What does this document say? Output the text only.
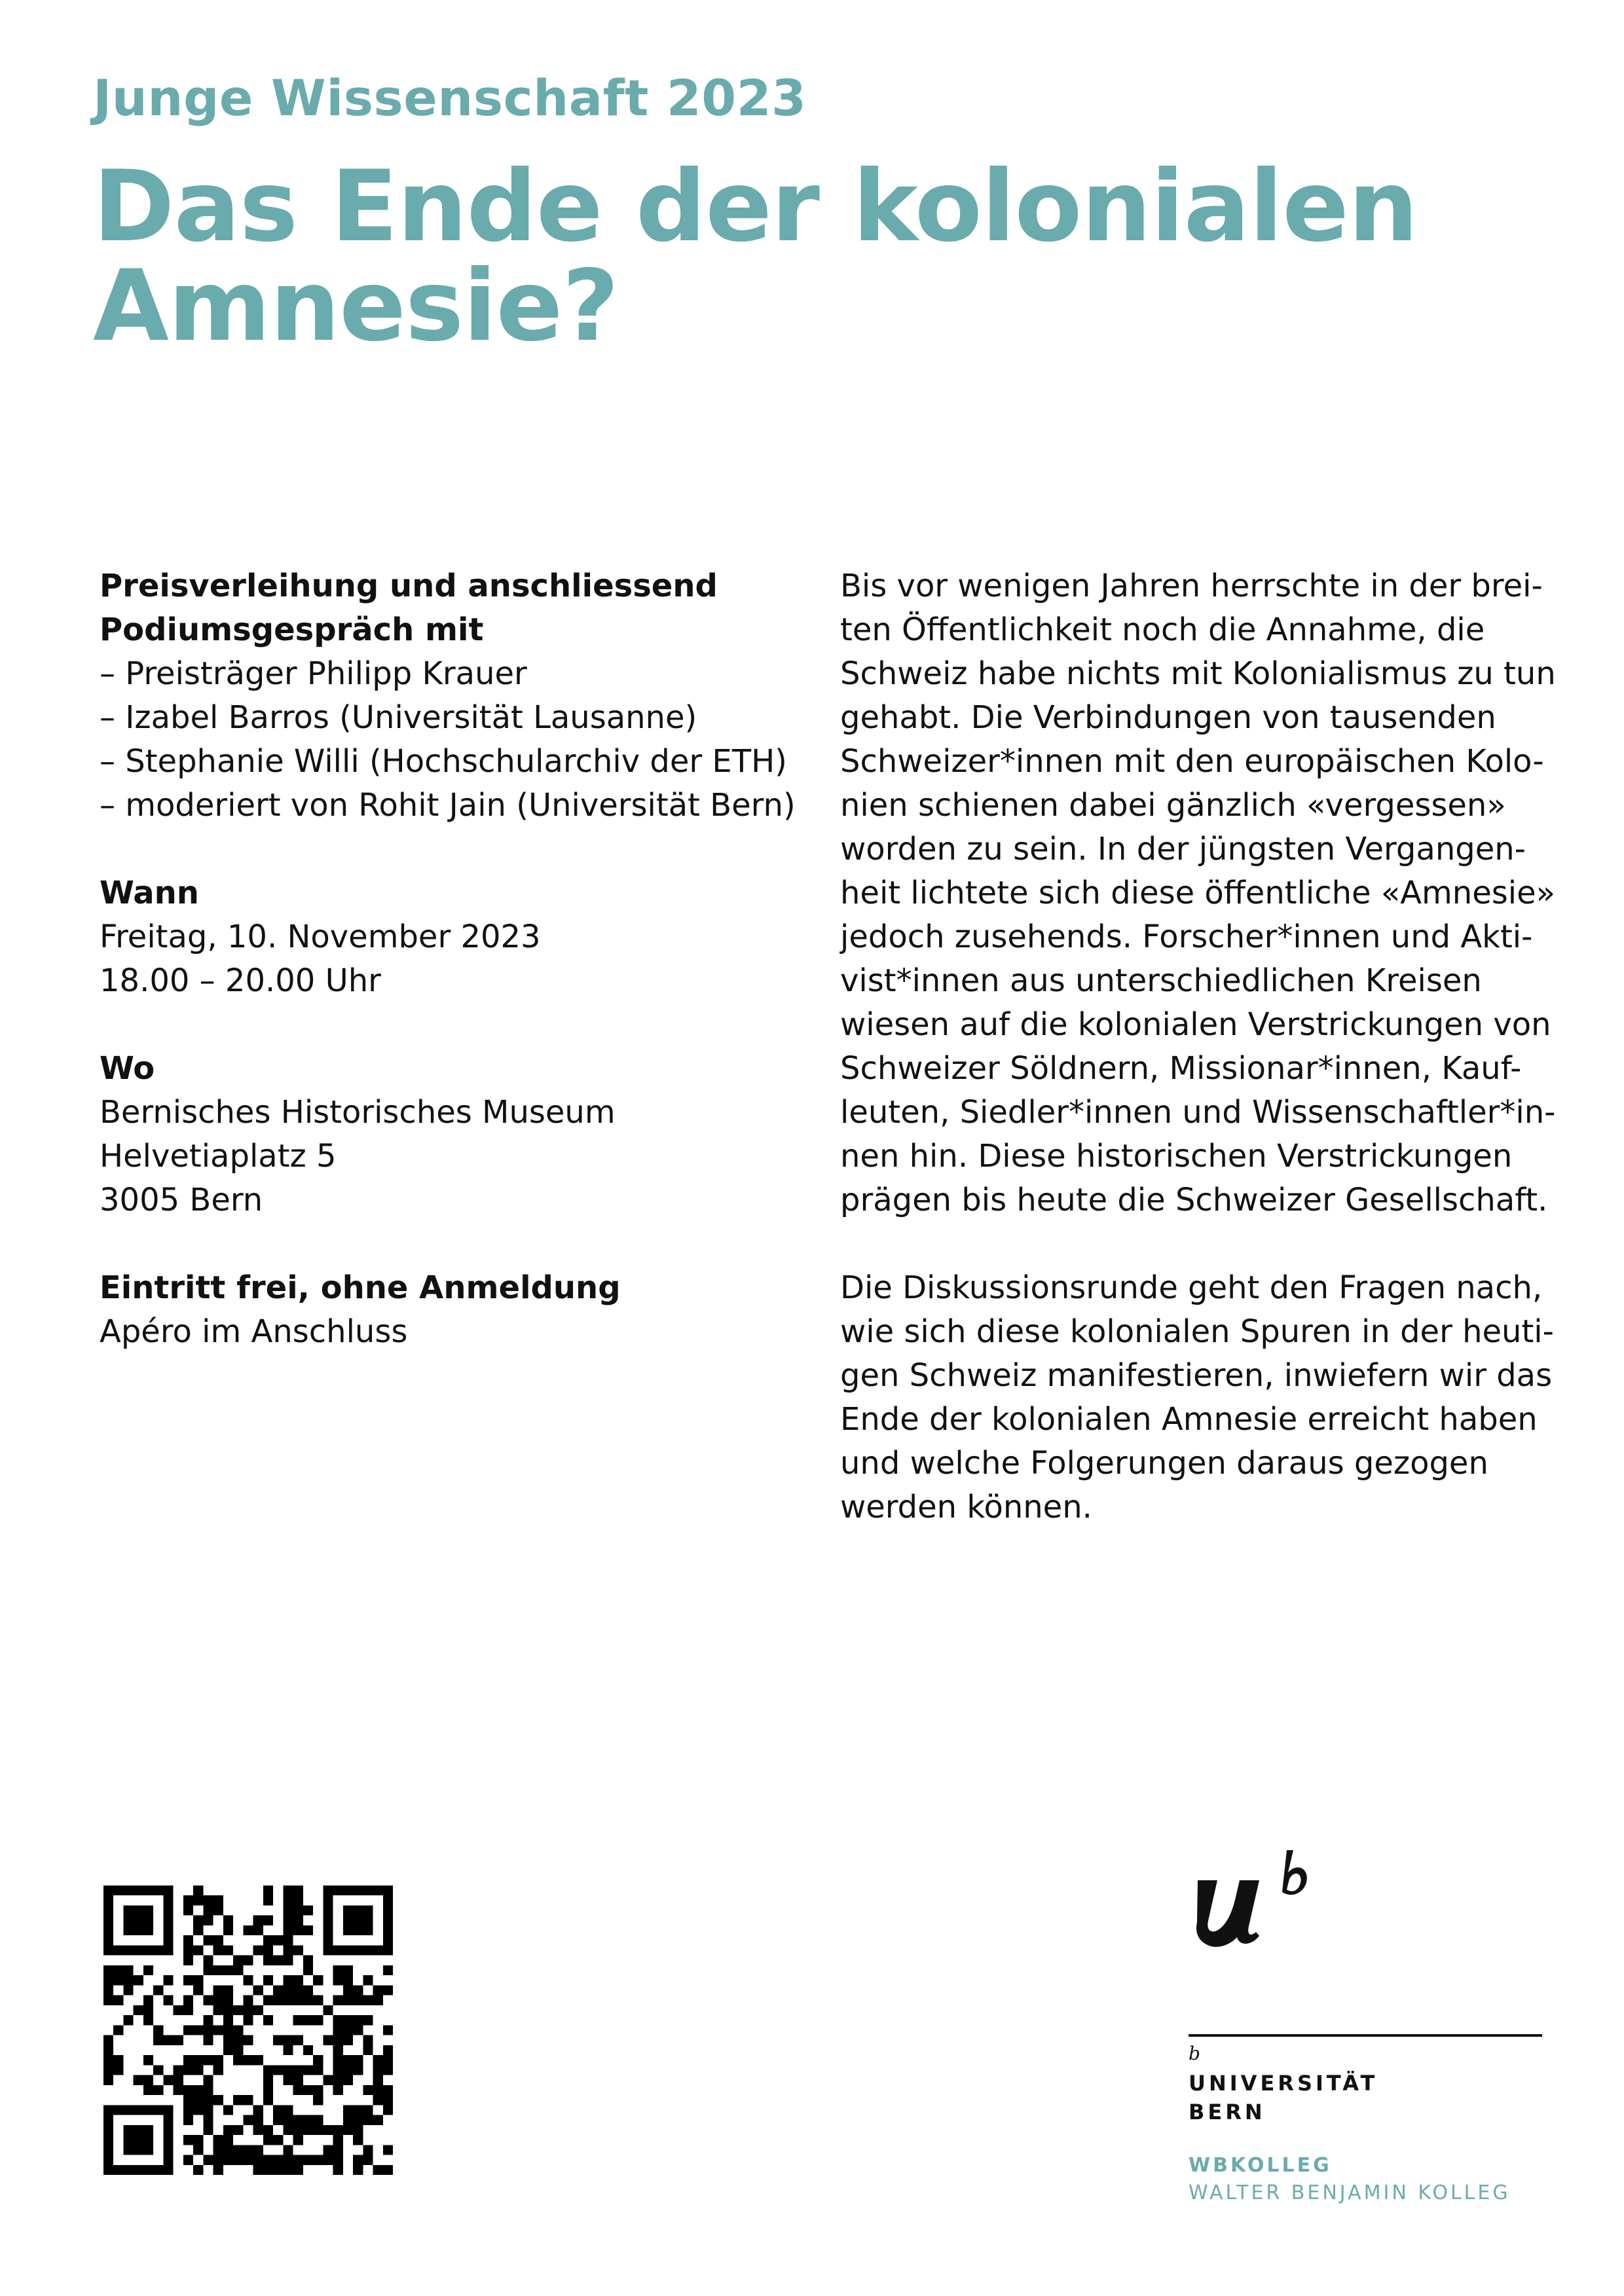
Junge Wissenschaft 2023
Das Ende der kolonialen
Amnesie?
Preisverleihung und anschliessend
Podiumsgespräch mit
– Preisträger Philipp Krauer
– Izabel Barros (Universität Lausanne)
– Stephanie Willi (Hochschularchiv der ETH)
– moderiert von Rohit Jain (Universität Bern)
Wann
Freitag, 10. November 2023
18.00 – 20.00 Uhr
Wo
Bernisches Historisches Museum
Helvetiaplatz 5
3005 Bern
Eintritt frei, ohne Anmeldung
Apéro im Anschluss
Bis vor wenigen Jahren herrschte in der brei-
ten Öffentlichkeit noch die Annahme, die
Schweiz habe nichts mit Kolonialismus zu tun
gehabt. Die Verbindungen von tausenden
Schweizer*innen mit den europäischen Kolo-
nien schienen dabei gänzlich «vergessen»
worden zu sein. In der jüngsten Vergangen-
heit lichtete sich diese öffentliche «Amnesie»
jedoch zusehends. Forscher*innen und Akti-
vist*innen aus unterschiedlichen Kreisen
wiesen auf die kolonialen Verstrickungen von
Schweizer Söldnern, Missionar*innen, Kauf-
leuten, Siedler*innen und Wissenschaftler*in-
nen hin. Diese historischen Verstrickungen
prägen bis heute die Schweizer Gesellschaft.
Die Diskussionsrunde geht den Fragen nach,
wie sich diese kolonialen Spuren in der heuti-
gen Schweiz manifestieren, inwiefern wir das
Ende der kolonialen Amnesie erreicht haben
und welche Folgerungen daraus gezogen
werden können.
b
UNIVERSITÄT
BERN
WBKOLLEG
WALTER BENJAMIN KOLLEG
